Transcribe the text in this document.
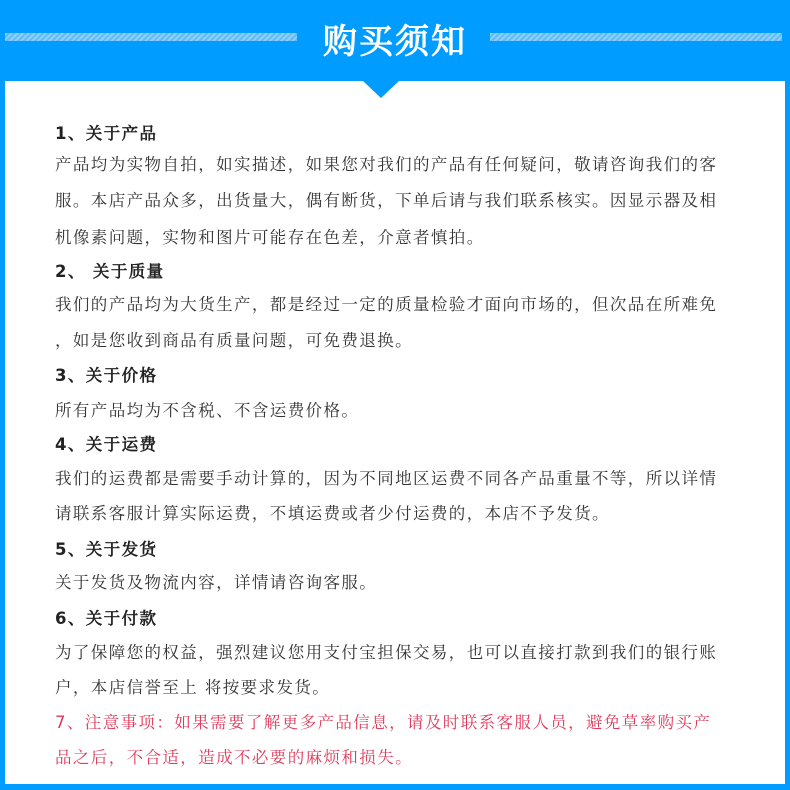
购买须知
1、关于产品
产品均为实物自拍，如实描述，如果您对我们的产品有任何疑问，敬请咨询我们的客
服。本店产品众多，出货量大，偶有断货，下单后请与我们联系核实。因显示器及相
机像素问题，实物和图片可能存在色差，介意者慎拍。
2、 关于质量
我们的产品均为大货生产，都是经过一定的质量检验才面向市场的，但次品在所难免
，如是您收到商品有质量问题，可免费退换。
3、关于价格
所有产品均为不含税、不含运费价格。
4、关于运费
我们的运费都是需要手动计算的，因为不同地区运费不同各产品重量不等，所以详情
请联系客服计算实际运费，不填运费或者少付运费的，本店不予发货。
5、关于发货
关于发货及物流内容，详情请咨询客服。
6、关于付款
为了保障您的权益，强烈建议您用支付宝担保交易，也可以直接打款到我们的银行账
户，本店信誉至上 将按要求发货。
7、注意事项：如果需要了解更多产品信息，请及时联系客服人员，避免草率购买产
品之后，不合适，造成不必要的麻烦和损失。
